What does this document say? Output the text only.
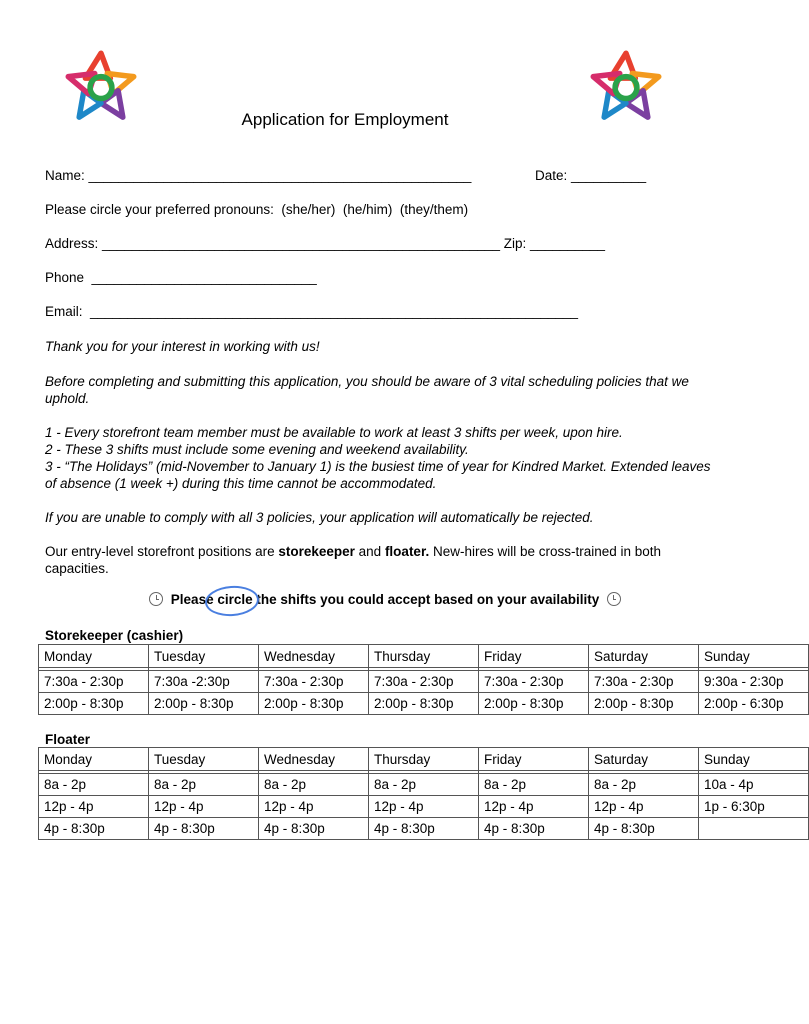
Application for Employment
Name: ___________________________________________________	Date: __________
Please circle your preferred pronouns:  (she/her)  (he/him)  (they/them)
Address: _____________________________________________________ Zip: __________
Phone  ______________________________
Email:  _________________________________________________________________
Thank you for your interest in working with us!
Before completing and submitting this application, you should be aware of 3 vital scheduling policies that we uphold.
1 - Every storefront team member must be available to work at least 3 shifts per week, upon hire.
2 - These 3 shifts must include some evening and weekend availability.
3 - “The Holidays” (mid-November to January 1) is the busiest time of year for Kindred Market. Extended leaves of absence (1 week +) during this time cannot be accommodated.
If you are unable to comply with all 3 policies, your application will automatically be rejected.
Our entry-level storefront positions are storekeeper and floater. New-hires will be cross-trained in both capacities.
Please circle the shifts you could accept based on your availability
Storekeeper (cashier)
Monday	Tuesday	Wednesday	Thursday	Friday	Saturday	Sunday

7:30a - 2:30p	7:30a -2:30p	7:30a - 2:30p	7:30a - 2:30p	7:30a - 2:30p	7:30a - 2:30p	9:30a - 2:30p
2:00p - 8:30p	2:00p - 8:30p	2:00p - 8:30p	2:00p - 8:30p	2:00p - 8:30p	2:00p - 8:30p	2:00p - 6:30p
Floater
Monday	Tuesday	Wednesday	Thursday	Friday	Saturday	Sunday

8a - 2p	8a - 2p	8a - 2p	8a - 2p	8a - 2p	8a - 2p	10a - 4p
12p - 4p	12p - 4p	12p - 4p	12p - 4p	12p - 4p	12p - 4p	1p - 6:30p
4p - 8:30p	4p - 8:30p	4p - 8:30p	4p - 8:30p	4p - 8:30p	4p - 8:30p	
